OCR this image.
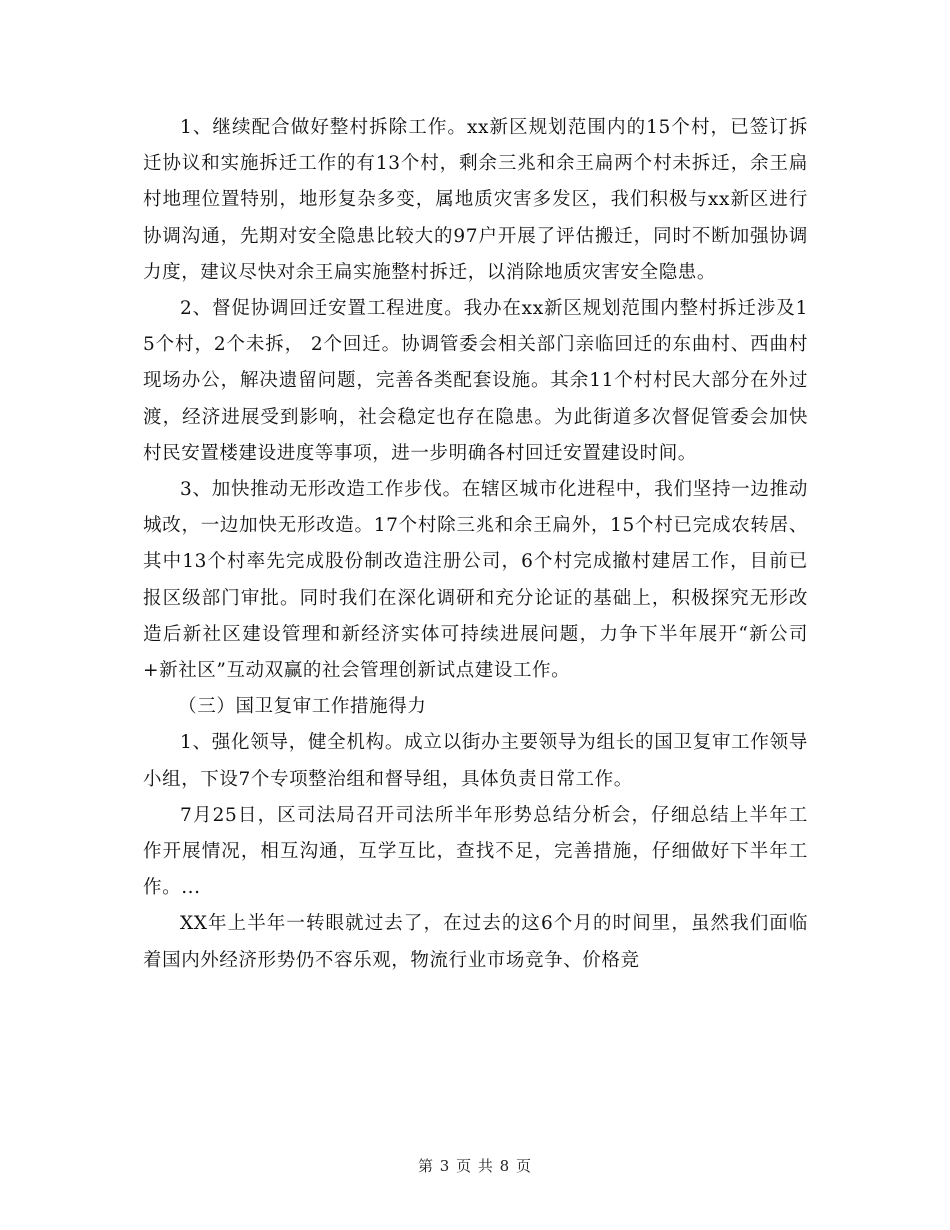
1、继续配合做好整村拆除工作。xx新区规划范围内的15个村，已签订拆迁协议和实施拆迁工作的有13个村，剩余三兆和余王扁两个村未拆迁，余王扁村地理位置特别，地形复杂多变，属地质灾害多发区，我们积极与xx新区进行协调沟通，先期对安全隐患比较大的97户开展了评估搬迁，同时不断加强协调力度，建议尽快对余王扁实施整村拆迁，以消除地质灾害安全隐患。

2、督促协调回迁安置工程进度。我办在xx新区规划范围内整村拆迁涉及15个村，2个未拆， 2个回迁。协调管委会相关部门亲临回迁的东曲村、西曲村现场办公，解决遗留问题，完善各类配套设施。其余11个村村民大部分在外过渡，经济进展受到影响，社会稳定也存在隐患。为此街道多次督促管委会加快村民安置楼建设进度等事项，进一步明确各村回迁安置建设时间。

3、加快推动无形改造工作步伐。在辖区城市化进程中，我们坚持一边推动城改，一边加快无形改造。17个村除三兆和余王扁外，15个村已完成农转居、其中13个村率先完成股份制改造注册公司，6个村完成撤村建居工作，目前已报区级部门审批。同时我们在深化调研和充分论证的基础上，积极探究无形改造后新社区建设管理和新经济实体可持续进展问题，力争下半年展开“新公司+新社区”互动双赢的社会管理创新试点建设工作。

（三）国卫复审工作措施得力

1、强化领导，健全机构。成立以街办主要领导为组长的国卫复审工作领导小组，下设7个专项整治组和督导组，具体负责日常工作。

7月25日，区司法局召开司法所半年形势总结分析会，仔细总结上半年工作开展情况，相互沟通，互学互比，查找不足，完善措施，仔细做好下半年工作。...

XX年上半年一转眼就过去了，在过去的这6个月的时间里，虽然我们面临着国内外经济形势仍不容乐观，物流行业市场竞争、价格竞

第 3 页 共 8 页
